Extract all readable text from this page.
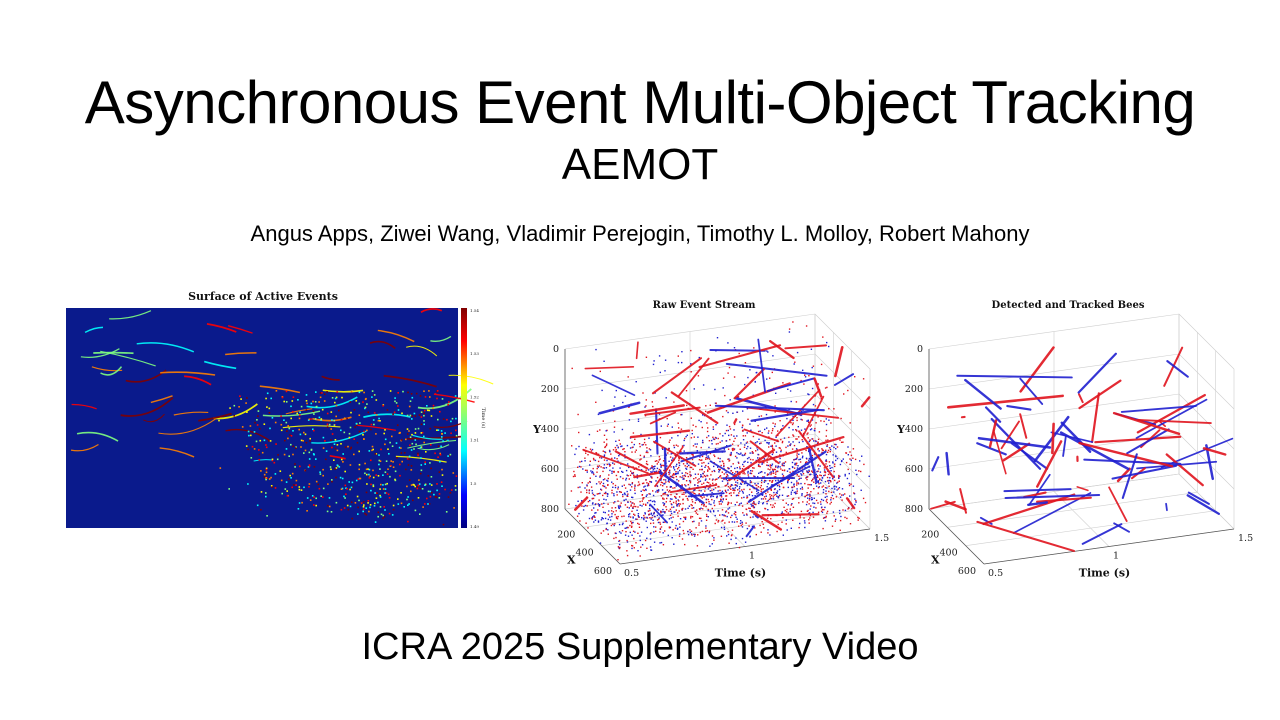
Asynchronous Event Multi-Object Tracking
AEMOT
Angus Apps, Ziwei Wang, Vladimir Perejogin, Timothy L. Molloy, Robert Mahony
Surface of Active Events
1.54
1.53
1.52
1.51
1.5
1.49
Time (s)
Raw Event Stream
0
200
400
600
800
200
400
600 0.5
1
1.5
Y
X
Time (s)
Detected and Tracked Bees
0
200
400
600
800
200
400
600 0.5
1
1.5
Y
X
Time (s)
ICRA 2025 Supplementary Video
